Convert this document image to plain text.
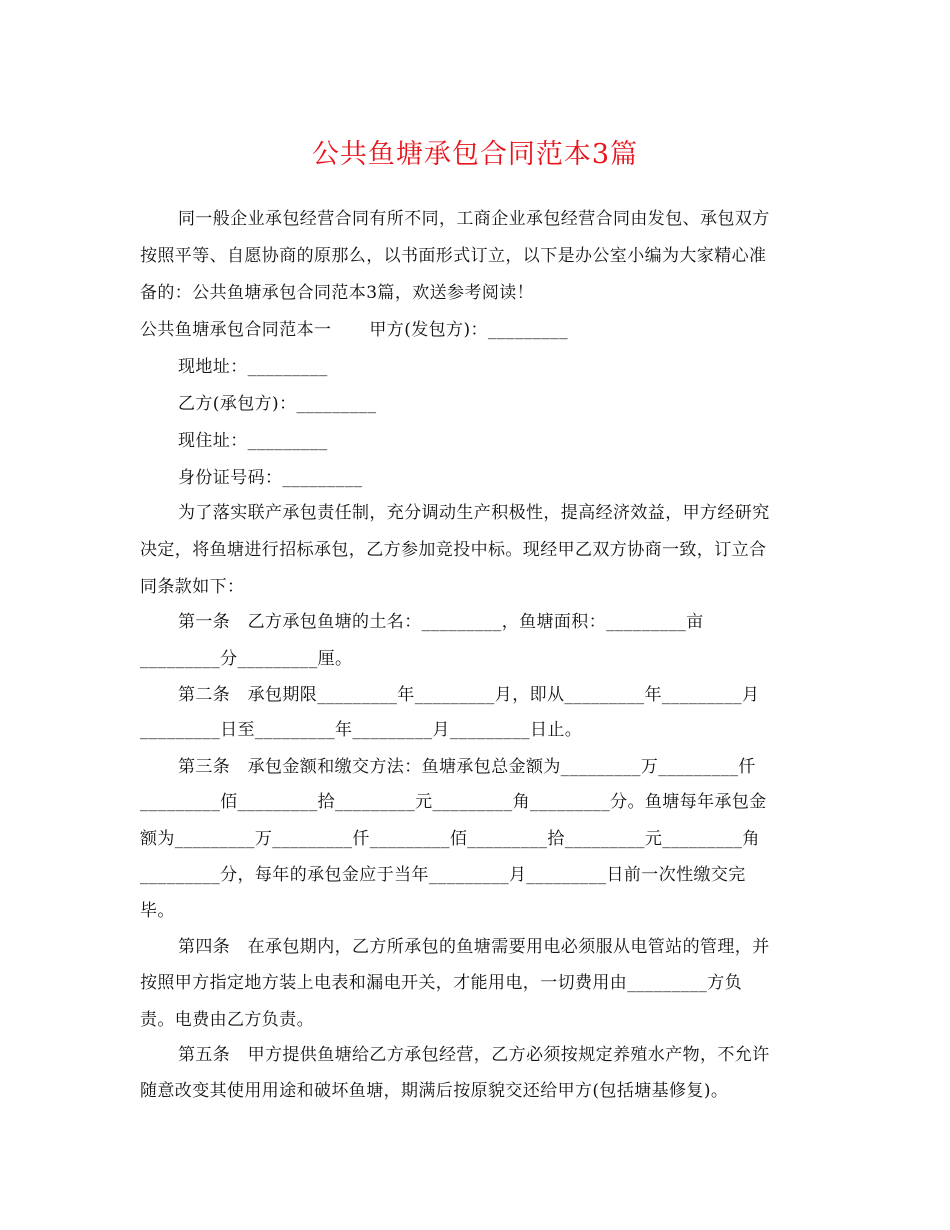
公共鱼塘承包合同范本3篇
同一般企业承包经营合同有所不同，工商企业承包经营合同由发包、承包双方
按照平等、自愿协商的原那么，以书面形式订立，以下是办公室小编为大家精心准
备的：公共鱼塘承包合同范本3篇，欢送参考阅读！
公共鱼塘承包合同范本一 甲方(发包方)：_________
现地址：_________
乙方(承包方)：_________
现住址：_________
身份证号码：_________
为了落实联产承包责任制，充分调动生产积极性，提高经济效益，甲方经研究
决定，将鱼塘进行招标承包，乙方参加竞投中标。现经甲乙双方协商一致，订立合
同条款如下：
第一条　乙方承包鱼塘的土名：_________，鱼塘面积：_________亩
_________分_________厘。
第二条　承包期限_________年_________月，即从_________年_________月
_________日至_________年_________月_________日止。
第三条　承包金额和缴交方法：鱼塘承包总金额为_________万_________仟
_________佰_________拾_________元_________角_________分。鱼塘每年承包金
额为_________万_________仟_________佰_________拾_________元_________角
_________分，每年的承包金应于当年_________月_________日前一次性缴交完
毕。
第四条　在承包期内，乙方所承包的鱼塘需要用电必须服从电管站的管理，并
按照甲方指定地方装上电表和漏电开关，才能用电，一切费用由_________方负
责。电费由乙方负责。
第五条　甲方提供鱼塘给乙方承包经营，乙方必须按规定养殖水产物，不允许
随意改变其使用用途和破坏鱼塘，期满后按原貌交还给甲方(包括塘基修复)。
